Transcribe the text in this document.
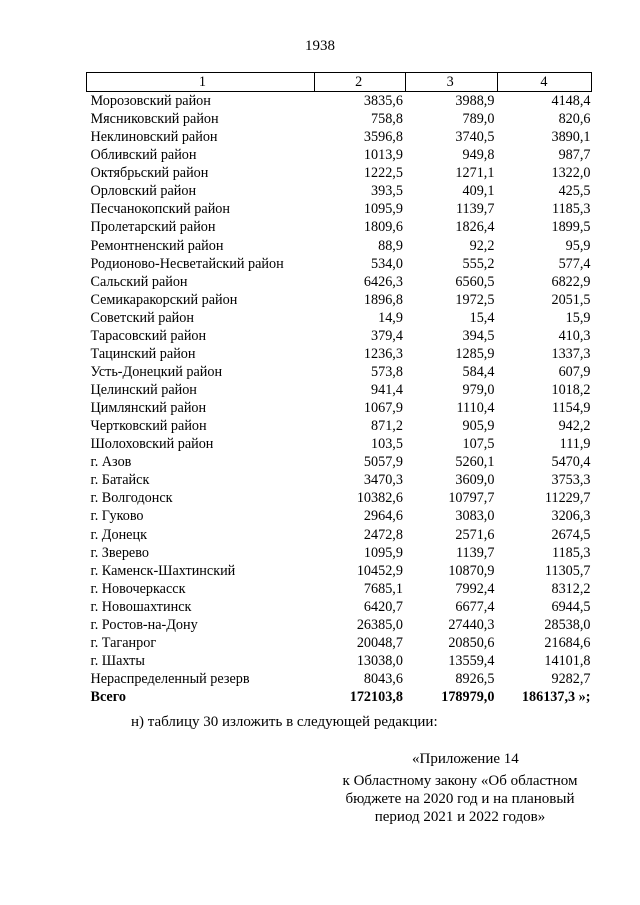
1938
1	2	3	4
Морозовский район	3835,6	3988,9	4148,4
Мясниковский район	758,8	789,0	820,6
Неклиновский район	3596,8	3740,5	3890,1
Обливский район	1013,9	949,8	987,7
Октябрьский район	1222,5	1271,1	1322,0
Орловский район	393,5	409,1	425,5
Песчанокопский район	1095,9	1139,7	1185,3
Пролетарский район	1809,6	1826,4	1899,5
Ремонтненский район	88,9	92,2	95,9
Родионово-Несветайский район	534,0	555,2	577,4
Сальский район	6426,3	6560,5	6822,9
Семикаракорский район	1896,8	1972,5	2051,5
Советский район	14,9	15,4	15,9
Тарасовский район	379,4	394,5	410,3
Тацинский район	1236,3	1285,9	1337,3
Усть-Донецкий район	573,8	584,4	607,9
Целинский район	941,4	979,0	1018,2
Цимлянский район	1067,9	1110,4	1154,9
Чертковский район	871,2	905,9	942,2
Шолоховский район	103,5	107,5	111,9
г. Азов	5057,9	5260,1	5470,4
г. Батайск	3470,3	3609,0	3753,3
г. Волгодонск	10382,6	10797,7	11229,7
г. Гуково	2964,6	3083,0	3206,3
г. Донецк	2472,8	2571,6	2674,5
г. Зверево	1095,9	1139,7	1185,3
г. Каменск-Шахтинский	10452,9	10870,9	11305,7
г. Новочеркасск	7685,1	7992,4	8312,2
г. Новошахтинск	6420,7	6677,4	6944,5
г. Ростов-на-Дону	26385,0	27440,3	28538,0
г. Таганрог	20048,7	20850,6	21684,6
г. Шахты	13038,0	13559,4	14101,8
Нераспределенный резерв	8043,6	8926,5	9282,7
Всего	172103,8	178979,0	186137,3 »;
н) таблицу 30 изложить в следующей редакции:
«Приложение 14
к Областному закону «Об областном
бюджете на 2020 год и на плановый
период 2021 и 2022 годов»
